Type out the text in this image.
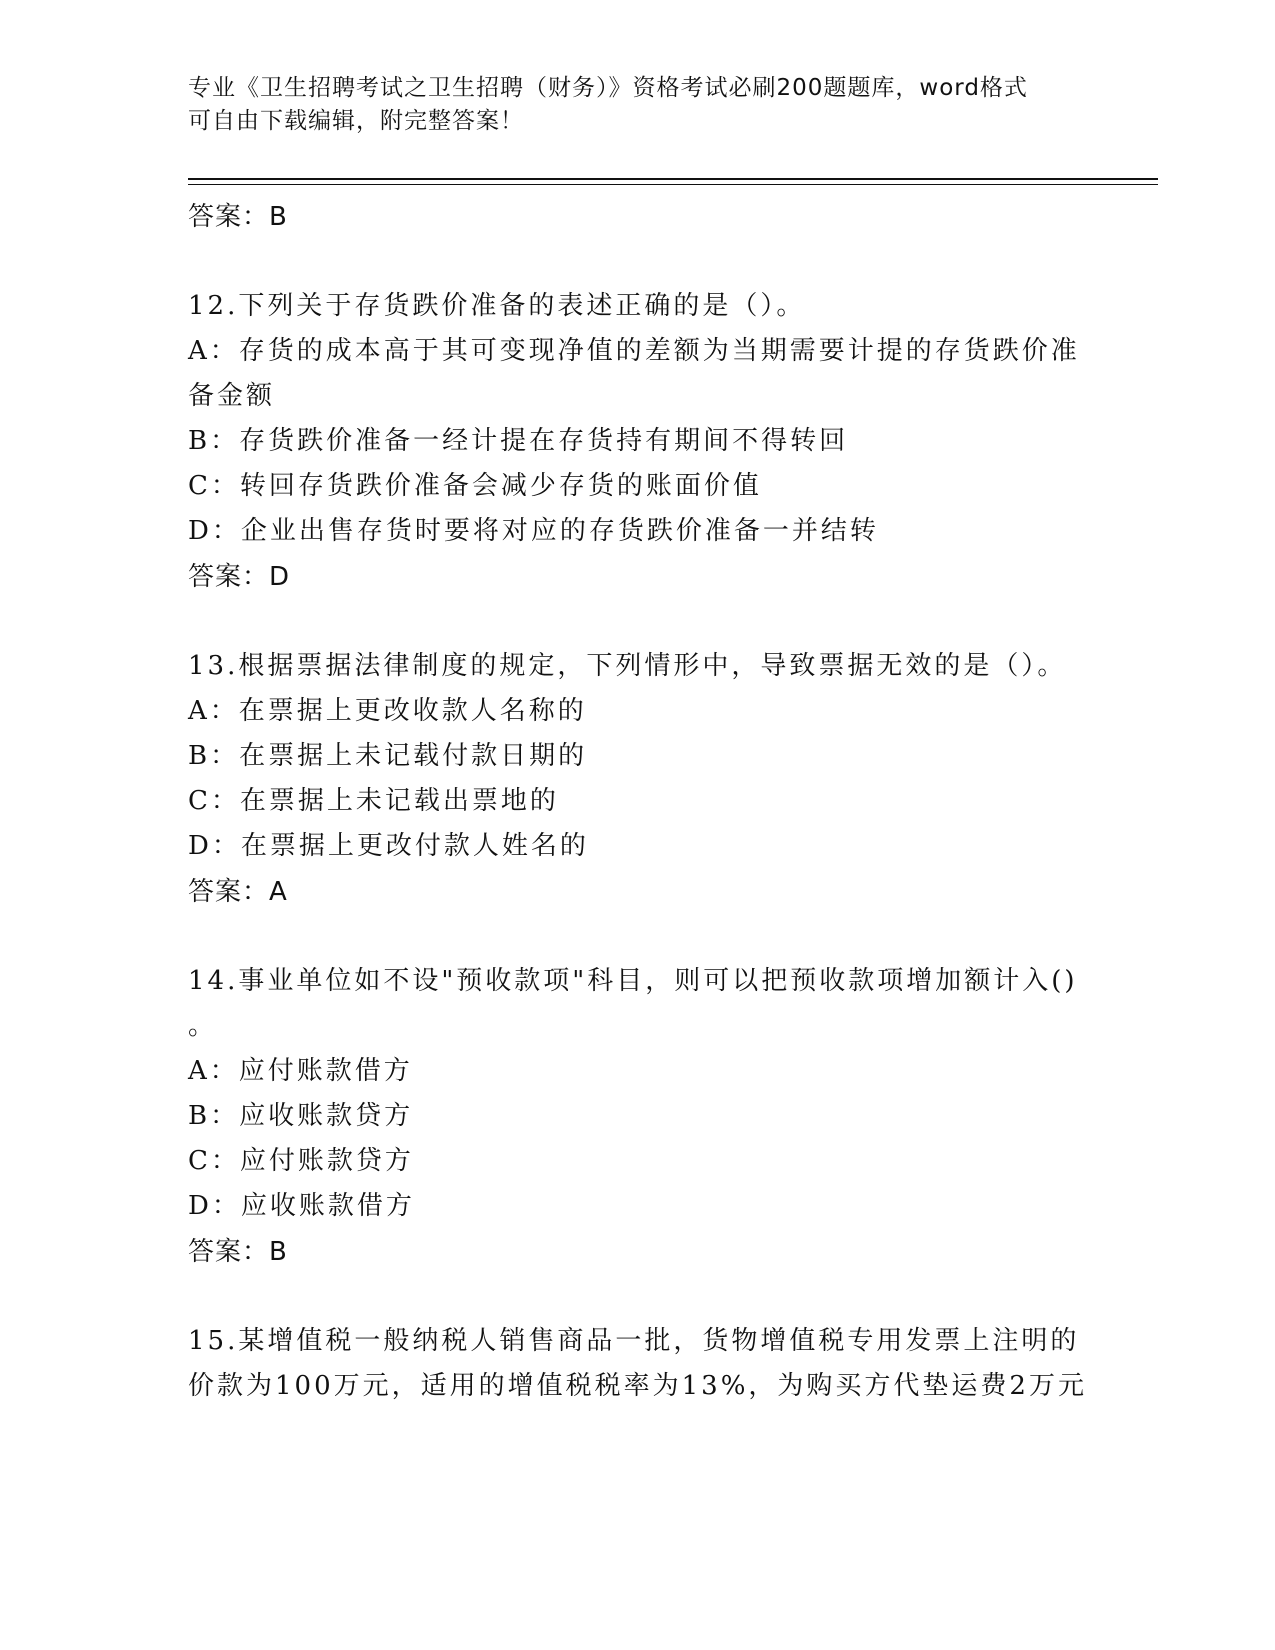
专业《卫生招聘考试之卫生招聘（财务）》资格考试必刷200题题库，word格式
可自由下载编辑，附完整答案！
答案：B
12.下列关于存货跌价准备的表述正确的是（）。
A：存货的成本高于其可变现净值的差额为当期需要计提的存货跌价准
备金额
B：存货跌价准备一经计提在存货持有期间不得转回
C：转回存货跌价准备会减少存货的账面价值
D：企业出售存货时要将对应的存货跌价准备一并结转
答案：D
13.根据票据法律制度的规定，下列情形中，导致票据无效的是（）。
A：在票据上更改收款人名称的
B：在票据上未记载付款日期的
C：在票据上未记载出票地的
D：在票据上更改付款人姓名的
答案：A
14.事业单位如不设"预收款项"科目，则可以把预收款项增加额计入()
。
A：应付账款借方
B：应收账款贷方
C：应付账款贷方
D：应收账款借方
答案：B
15.某增值税一般纳税人销售商品一批，货物增值税专用发票上注明的
价款为100万元，适用的增值税税率为13%，为购买方代垫运费2万元
